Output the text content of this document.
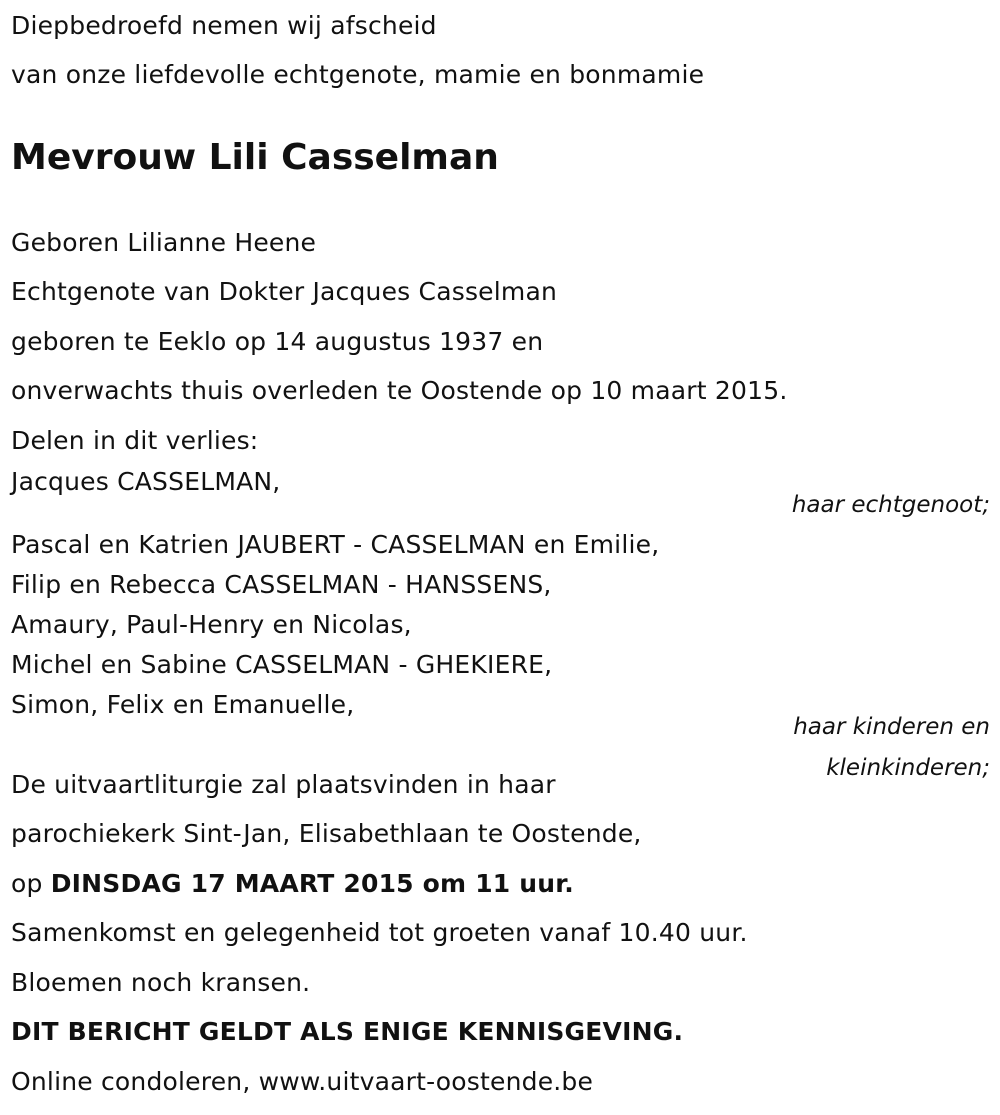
Diepbedroefd nemen wij afscheid
van onze liefdevolle echtgenote, mamie en bonmamie
Mevrouw Lili Casselman
Geboren Lilianne Heene
Echtgenote van Dokter Jacques Casselman
geboren te Eeklo op 14 augustus 1937 en
onverwachts thuis overleden te Oostende op 10 maart 2015.
Delen in dit verlies:
Jacques CASSELMAN,
haar echtgenoot;
Pascal en Katrien JAUBERT - CASSELMAN en Emilie,
Filip en Rebecca CASSELMAN - HANSSENS,
Amaury, Paul-Henry en Nicolas,
Michel en Sabine CASSELMAN - GHEKIERE,
Simon, Felix en Emanuelle,
haar kinderen en
kleinkinderen;
De uitvaartliturgie zal plaatsvinden in haar
parochiekerk Sint-Jan, Elisabethlaan te Oostende,
op DINSDAG 17 MAART 2015 om 11 uur.
Samenkomst en gelegenheid tot groeten vanaf 10.40 uur.
Bloemen noch kransen.
DIT BERICHT GELDT ALS ENIGE KENNISGEVING.
Online condoleren, www.uitvaart-oostende.be
